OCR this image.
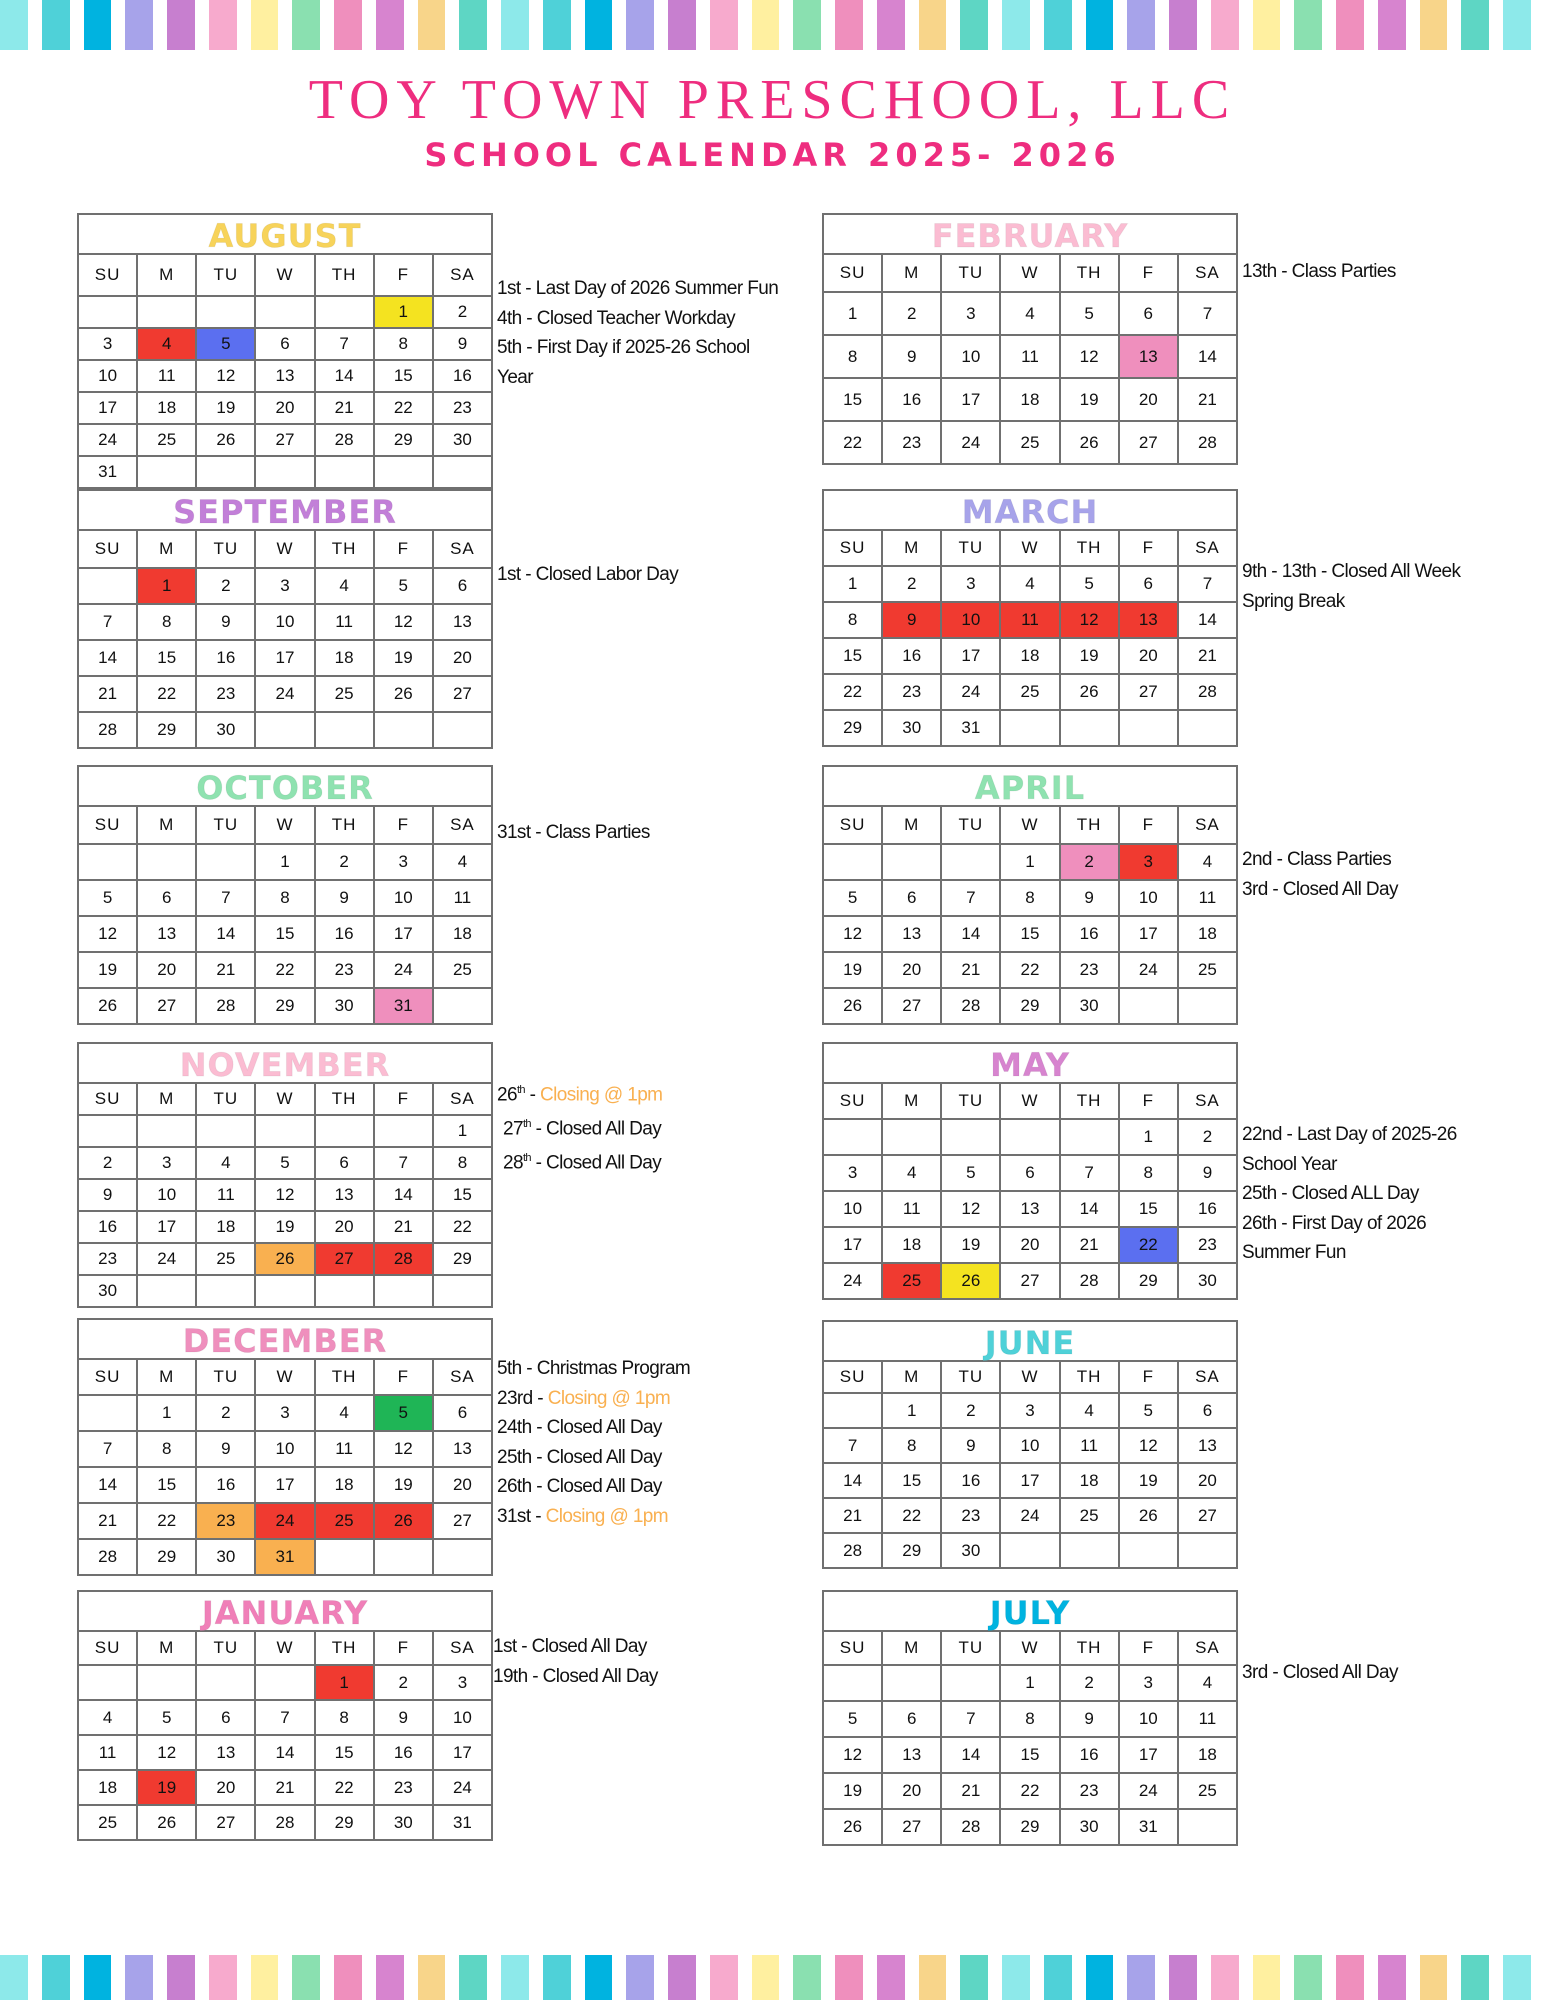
TOY TOWN PRESCHOOL, LLC
SCHOOL CALENDAR 2025- 2026
AUGUST
SU	M	TU	W	TH	F	SA
					1	2
3	4	5	6	7	8	9
10	11	12	13	14	15	16
17	18	19	20	21	22	23
24	25	26	27	28	29	30
31						
1st - Last Day of 2026 Summer Fun
4th - Closed Teacher Workday
5th - First Day if 2025-26 School
Year
SEPTEMBER
SU	M	TU	W	TH	F	SA
	1	2	3	4	5	6
7	8	9	10	11	12	13
14	15	16	17	18	19	20
21	22	23	24	25	26	27
28	29	30				
1st - Closed Labor Day
OCTOBER
SU	M	TU	W	TH	F	SA
			1	2	3	4
5	6	7	8	9	10	11
12	13	14	15	16	17	18
19	20	21	22	23	24	25
26	27	28	29	30	31	
31st - Class Parties
NOVEMBER
SU	M	TU	W	TH	F	SA
						1
2	3	4	5	6	7	8
9	10	11	12	13	14	15
16	17	18	19	20	21	22
23	24	25	26	27	28	29
30						
26th - Closing @ 1pm
27th - Closed All Day
28th - Closed All Day
DECEMBER
SU	M	TU	W	TH	F	SA
	1	2	3	4	5	6
7	8	9	10	11	12	13
14	15	16	17	18	19	20
21	22	23	24	25	26	27
28	29	30	31			
5th - Christmas Program
23rd - Closing @ 1pm
24th - Closed All Day
25th - Closed All Day
26th - Closed All Day
31st - Closing @ 1pm
JANUARY
SU	M	TU	W	TH	F	SA
				1	2	3
4	5	6	7	8	9	10
11	12	13	14	15	16	17
18	19	20	21	22	23	24
25	26	27	28	29	30	31
1st - Closed All Day
19th - Closed All Day
FEBRUARY
SU	M	TU	W	TH	F	SA
1	2	3	4	5	6	7
8	9	10	11	12	13	14
15	16	17	18	19	20	21
22	23	24	25	26	27	28
13th - Class Parties
MARCH
SU	M	TU	W	TH	F	SA
1	2	3	4	5	6	7
8	9	10	11	12	13	14
15	16	17	18	19	20	21
22	23	24	25	26	27	28
29	30	31				
9th - 13th - Closed All Week
Spring Break
APRIL
SU	M	TU	W	TH	F	SA
			1	2	3	4
5	6	7	8	9	10	11
12	13	14	15	16	17	18
19	20	21	22	23	24	25
26	27	28	29	30		
2nd - Class Parties
3rd - Closed All Day
MAY
SU	M	TU	W	TH	F	SA
					1	2
3	4	5	6	7	8	9
10	11	12	13	14	15	16
17	18	19	20	21	22	23
24	25	26	27	28	29	30
22nd - Last Day of 2025-26
School Year
25th - Closed ALL Day
26th - First Day of 2026
Summer Fun
JUNE
SU	M	TU	W	TH	F	SA
	1	2	3	4	5	6
7	8	9	10	11	12	13
14	15	16	17	18	19	20
21	22	23	24	25	26	27
28	29	30				
JULY
SU	M	TU	W	TH	F	SA
			1	2	3	4
5	6	7	8	9	10	11
12	13	14	15	16	17	18
19	20	21	22	23	24	25
26	27	28	29	30	31	
3rd - Closed All Day
